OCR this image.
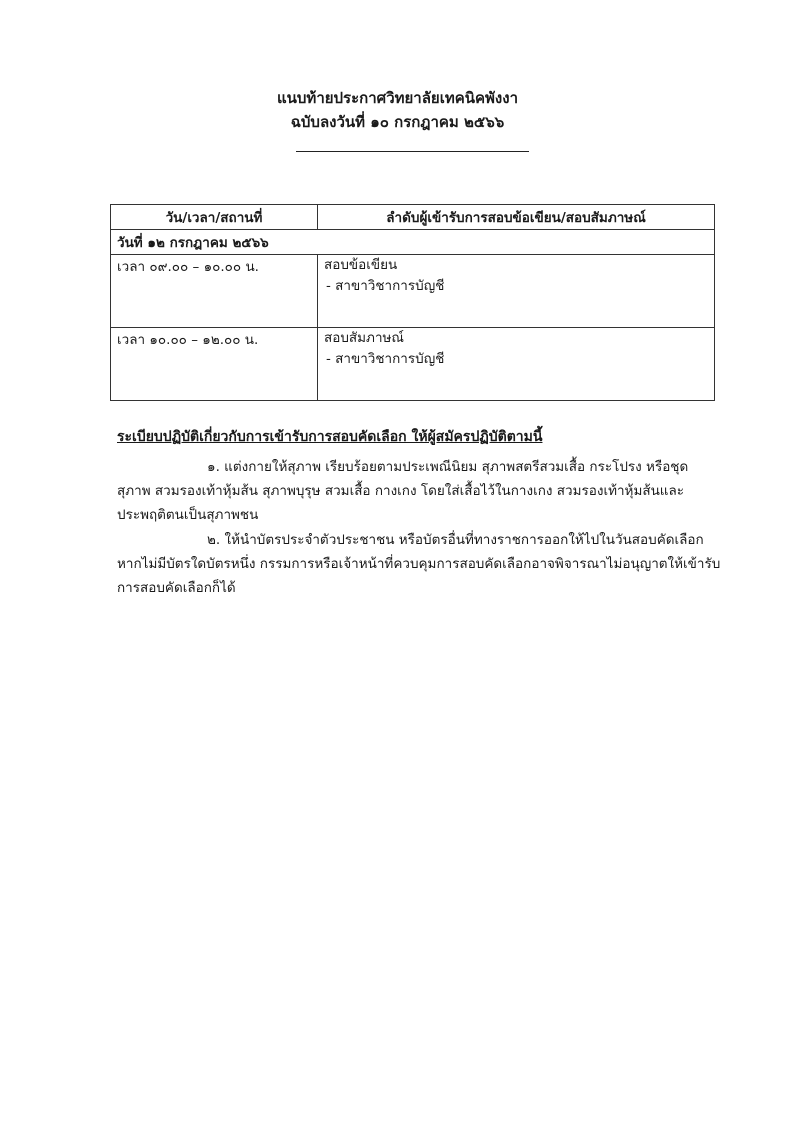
แนบท้ายประกาศวิทยาลัยเทคนิคพังงา
ฉบับลงวันที่ ๑๐ กรกฎาคม ๒๕๖๖
วัน/เวลา/สถานที่	ลำดับผู้เข้ารับการสอบข้อเขียน/สอบสัมภาษณ์
วันที่ ๑๒ กรกฎาคม ๒๕๖๖	
เวลา ๐๙.๐๐ – ๑๐.๐๐ น.	สอบข้อเขียน
- สาขาวิชาการบัญชี

เวลา ๑๐.๐๐ – ๑๒.๐๐ น.	สอบสัมภาษณ์
- สาขาวิชาการบัญชี
ระเบียบปฏิบัติเกี่ยวกับการเข้ารับการสอบคัดเลือก ให้ผู้สมัครปฏิบัติตามนี้
๑. แต่งกายให้สุภาพ เรียบร้อยตามประเพณีนิยม สุภาพสตรีสวมเสื้อ กระโปรง หรือชุด
สุภาพ สวมรองเท้าหุ้มส้น สุภาพบุรุษ สวมเสื้อ กางเกง โดยใส่เสื้อไว้ในกางเกง สวมรองเท้าหุ้มส้นและ
ประพฤติตนเป็นสุภาพชน
๒. ให้นำบัตรประจำตัวประชาชน หรือบัตรอื่นที่ทางราชการออกให้ไปในวันสอบคัดเลือก
หากไม่มีบัตรใดบัตรหนึ่ง กรรมการหรือเจ้าหน้าที่ควบคุมการสอบคัดเลือกอาจพิจารณาไม่อนุญาตให้เข้ารับ
การสอบคัดเลือกก็ได้
